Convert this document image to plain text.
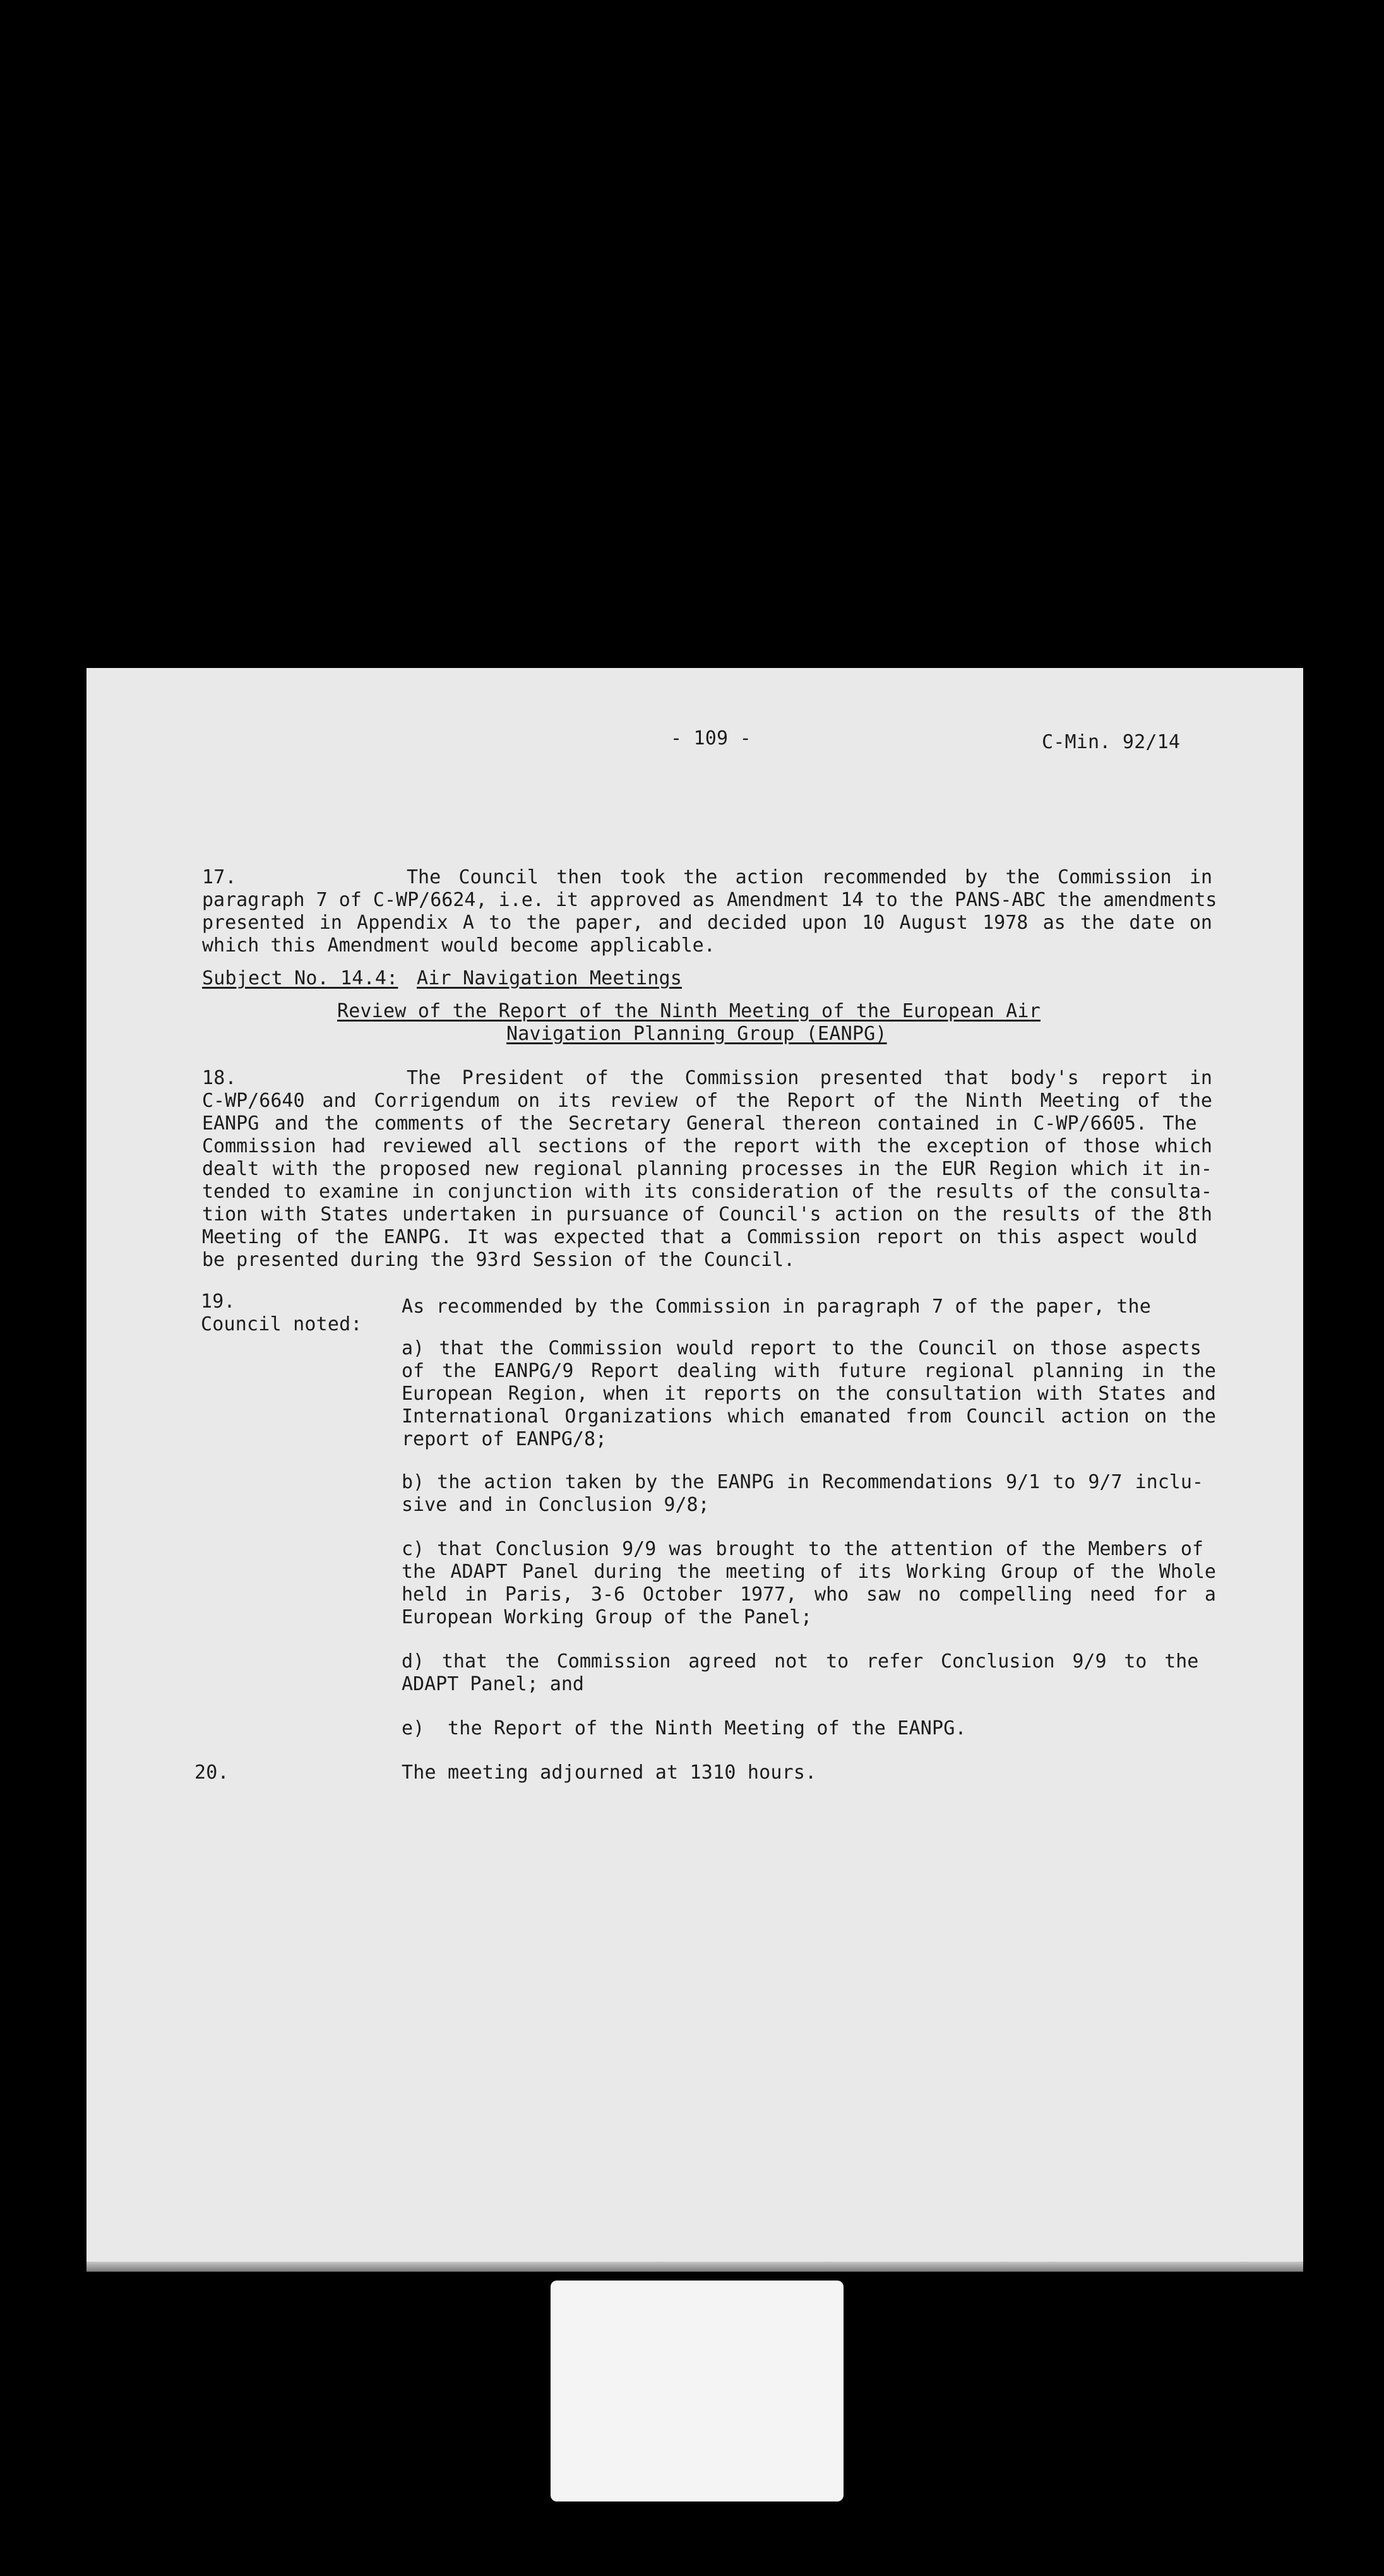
- 109 -	C-Min. 92/14
17.	The Council then took the action recommended by the Commission in
paragraph 7 of C-WP/6624, i.e. it approved as Amendment 14 to the PANS-ABC the amendments
presented in Appendix A to the paper, and decided upon 10 August 1978 as the date on
which this Amendment would become applicable.
Subject No. 14.4: Air Navigation Meetings
Review of the Report of the Ninth Meeting of the European Air
Navigation Planning Group (EANPG)
18.	The President of the Commission presented that body's report in
C-WP/6640 and Corrigendum on its review of the Report of the Ninth Meeting of the
EANPG and the comments of the Secretary General thereon contained in C-WP/6605. The
Commission had reviewed all sections of the report with the exception of those which
dealt with the proposed new regional planning processes in the EUR Region which it in-
tended to examine in conjunction with its consideration of the results of the consulta-
tion with States undertaken in pursuance of Council's action on the results of the 8th
Meeting of the EANPG. It was expected that a Commission report on this aspect would
be presented during the 93rd Session of the Council.
19.	As recommended by the Commission in paragraph 7 of the paper, the
Council noted:
a) that the Commission would report to the Council on those aspects
of the EANPG/9 Report dealing with future regional planning in the
European Region, when it reports on the consultation with States and
International Organizations which emanated from Council action on the
report of EANPG/8;
b) the action taken by the EANPG in Recommendations 9/1 to 9/7 inclu-
sive and in Conclusion 9/8;
c) that Conclusion 9/9 was brought to the attention of the Members of
the ADAPT Panel during the meeting of its Working Group of the Whole
held in Paris, 3-6 October 1977, who saw no compelling need for a
European Working Group of the Panel;
d) that the Commission agreed not to refer Conclusion 9/9 to the
ADAPT Panel; and
e)  the Report of the Ninth Meeting of the EANPG.
20.	The meeting adjourned at 1310 hours.
